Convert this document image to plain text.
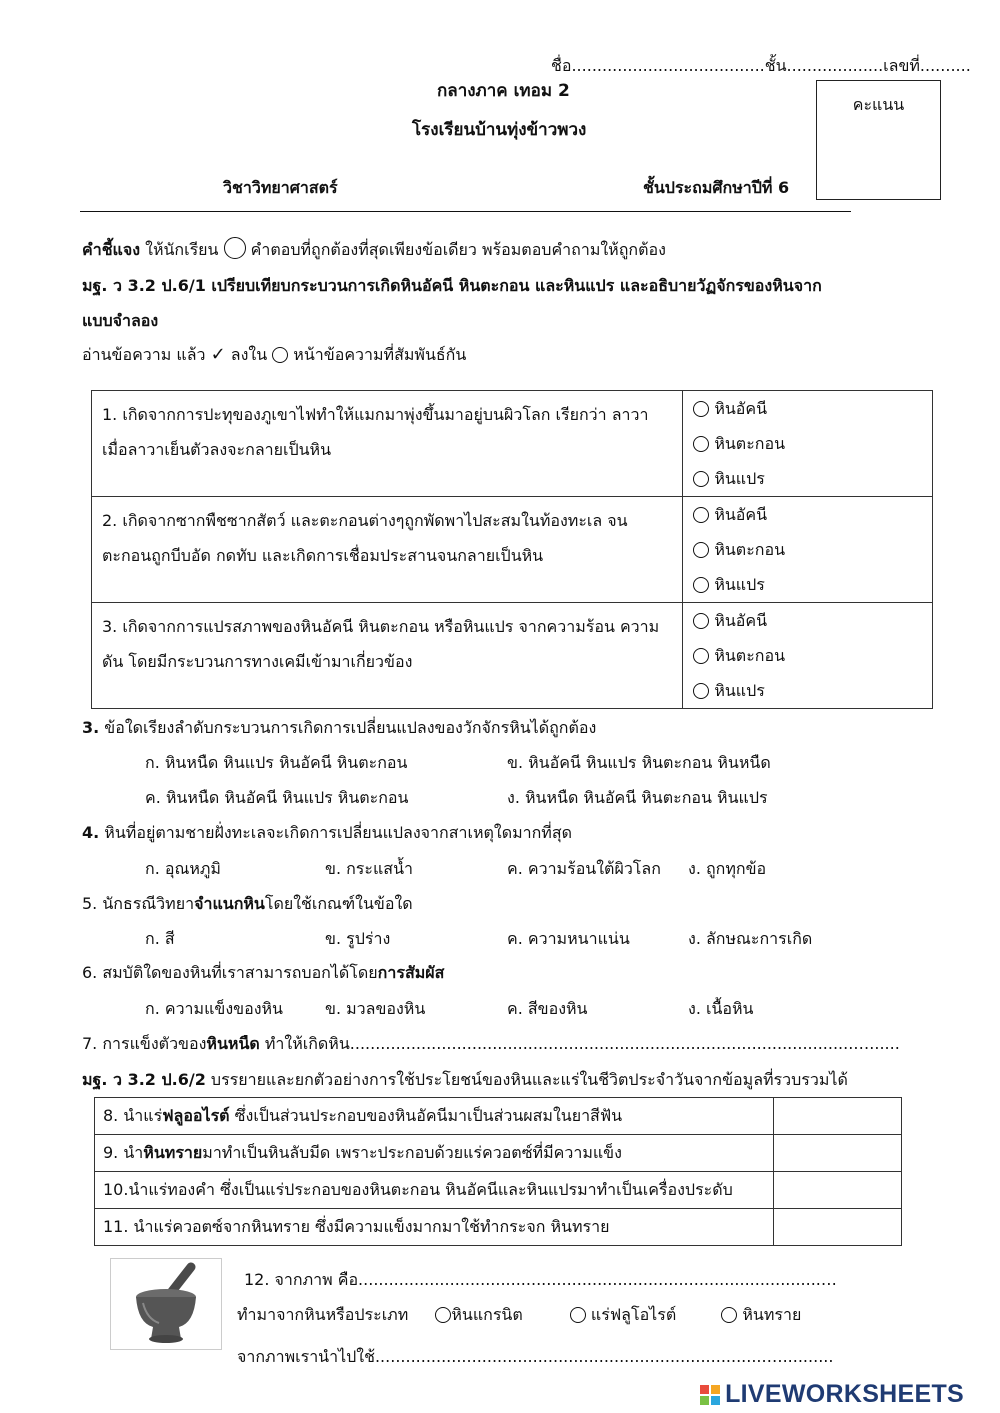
ชื่อ......................................ชั้น...................เลขที่..........
กลางภาค เทอม 2
โรงเรียนบ้านทุ่งข้าวพวง
วิชาวิทยาศาสตร์	ชั้นประถมศึกษาปีที่ 6
คะแนน
คำชี้แจง ให้นักเรียน  คำตอบที่ถูกต้องที่สุดเพียงข้อเดียว พร้อมตอบคำถามให้ถูกต้อง
มฐ. ว 3.2 ป.6/1 เปรียบเทียบกระบวนการเกิดหินอัคนี หินตะกอน และหินแปร และอธิบายวัฏจักรของหินจาก
แบบจำลอง
อ่านข้อความ แล้ว ✓ ลงใน  หน้าข้อความที่สัมพันธ์กัน
1. เกิดจากการปะทุของภูเขาไฟทำให้แมกมาพุ่งขึ้นมาอยู่บนผิวโลก เรียกว่า ลาวา เมื่อลาวาเย็นตัวลงจะกลายเป็นหิน	หินอัคนี
หินตะกอน
หินแปร

2. เกิดจากซากพืชซากสัตว์ และตะกอนต่างๆถูกพัดพาไปสะสมในท้องทะเล จน ตะกอนถูกบีบอัด กดทับ และเกิดการเชื่อมประสานจนกลายเป็นหิน	หินอัคนี
หินตะกอน
หินแปร

3. เกิดจากการแปรสภาพของหินอัคนี หินตะกอน หรือหินแปร จากความร้อน ความดัน โดยมีกระบวนการทางเคมีเข้ามาเกี่ยวข้อง	หินอัคนี
หินตะกอน
หินแปร
3. ข้อใดเรียงลำดับกระบวนการเกิดการเปลี่ยนแปลงของวักจักรหินได้ถูกต้อง
ก. หินหนืด หินแปร หินอัคนี หินตะกอน	ข. หินอัคนี หินแปร หินตะกอน หินหนืด
ค. หินหนืด หินอัคนี หินแปร หินตะกอน	ง. หินหนืด หินอัคนี หินตะกอน หินแปร
4. หินที่อยู่ตามชายฝั่งทะเลจะเกิดการเปลี่ยนแปลงจากสาเหตุใดมากที่สุด
ก. อุณหภูมิ	ข. กระแสน้ำ	ค. ความร้อนใต้ผิวโลก ง. ถูกทุกข้อ
5. นักธรณีวิทยาจำแนกหินโดยใช้เกณฑ์ในข้อใด
ก. สี	ข. รูปร่าง	ค. ความหนาแน่น	ง. ลักษณะการเกิด
6. สมบัติใดของหินที่เราสามารถบอกได้โดยการสัมผัส
ก. ความแข็งของหิน	ข. มวลของหิน	ค. สีของหิน	ง. เนื้อหิน
7. การแข็งตัวของหินหนืด ทำให้เกิดหิน...................................................................................................…......
มฐ. ว 3.2 ป.6/2 บรรยายและยกตัวอย่างการใช้ประโยชน์ของหินและแร่ในชีวิตประจำวันจากข้อมูลที่รวบรวมได้
8. นำแร่ฟลูออไรต์ ซึ่งเป็นส่วนประกอบของหินอัคนีมาเป็นส่วนผสมในยาสีฟัน	
9. นำหินทรายมาทำเป็นหินลับมีด เพราะประกอบด้วยแร่ควอตซ์ที่มีความแข็ง	
10.นำแร่ทองคำ ซึ่งเป็นแร่ประกอบของหินตะกอน หินอัคนีและหินแปรมาทำเป็นเครื่องประดับ	
11. นำแร่ควอตซ์จากหินทราย ซึ่งมีความแข็งมากมาใช้ทำกระจก หินทราย	
12. จากภาพ คือ...........................................................................................…
ทำมาจากหินหรือประเภท	หินแกรนิต	แร่ฟลูโอไรต์	หินทราย
จากภาพเรานำไปใช้.............................................................................…..........
LIVEWORKSHEETS
